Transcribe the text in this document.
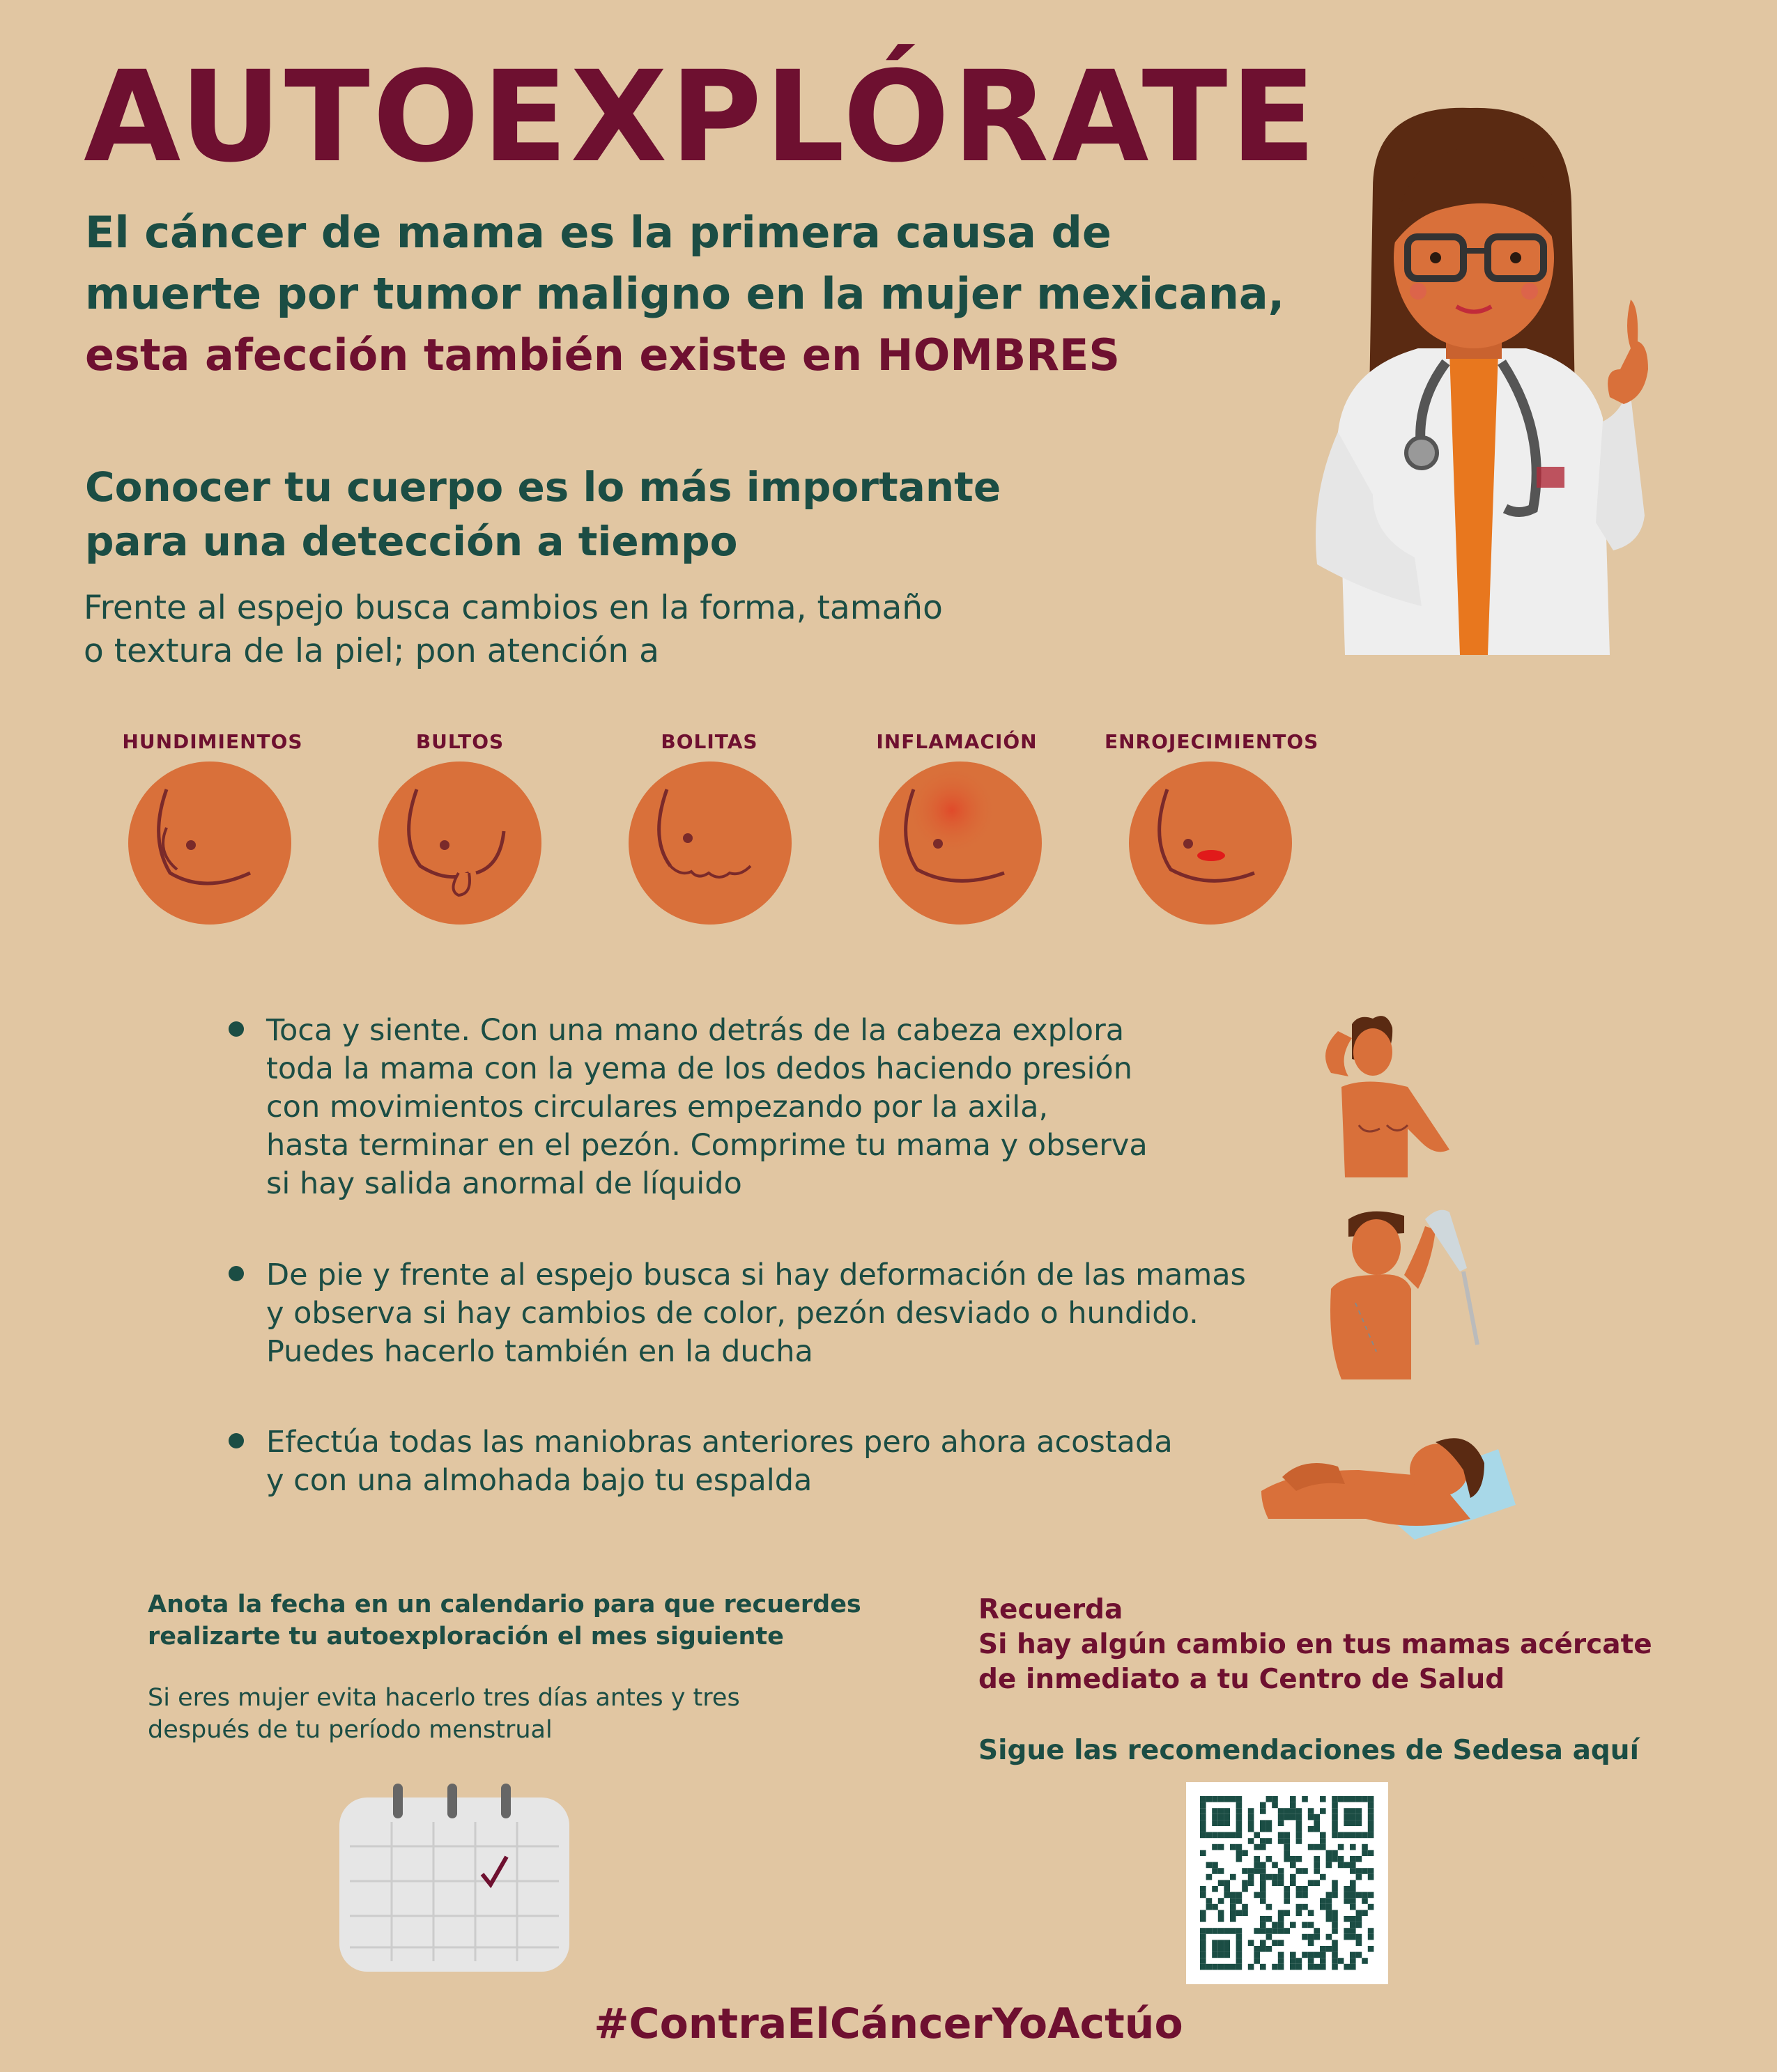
AUTOEXPLÓRATE
El cáncer de mama es la primera causa de
muerte por tumor maligno en la mujer mexicana,
esta afección también existe en HOMBRES
Conocer tu cuerpo es lo más importante
para una detección a tiempo
Frente al espejo busca cambios en la forma, tamaño
o textura de la piel; pon atención a
HUNDIMIENTOS	BULTOS	BOLITAS	INFLAMACIÓN	ENROJECIMIENTOS
Toca y siente. Con una mano detrás de la cabeza explora
toda la mama con la yema de los dedos haciendo presión
con movimientos circulares empezando por la axila,
hasta terminar en el pezón. Comprime tu mama y observa
si hay salida anormal de líquido
De pie y frente al espejo busca si hay deformación de las mamas
y observa si hay cambios de color, pezón desviado o hundido.
Puedes hacerlo también en la ducha
Efectúa todas las maniobras anteriores pero ahora acostada
y con una almohada bajo tu espalda
Anota la fecha en un calendario para que recuerdes
realizarte tu autoexploración el mes siguiente
Si eres mujer evita hacerlo tres días antes y tres
después de tu período menstrual
Recuerda
Si hay algún cambio en tus mamas acércate
de inmediato a tu Centro de Salud
Sigue las recomendaciones de Sedesa aquí
#ContraElCáncerYoActúo
